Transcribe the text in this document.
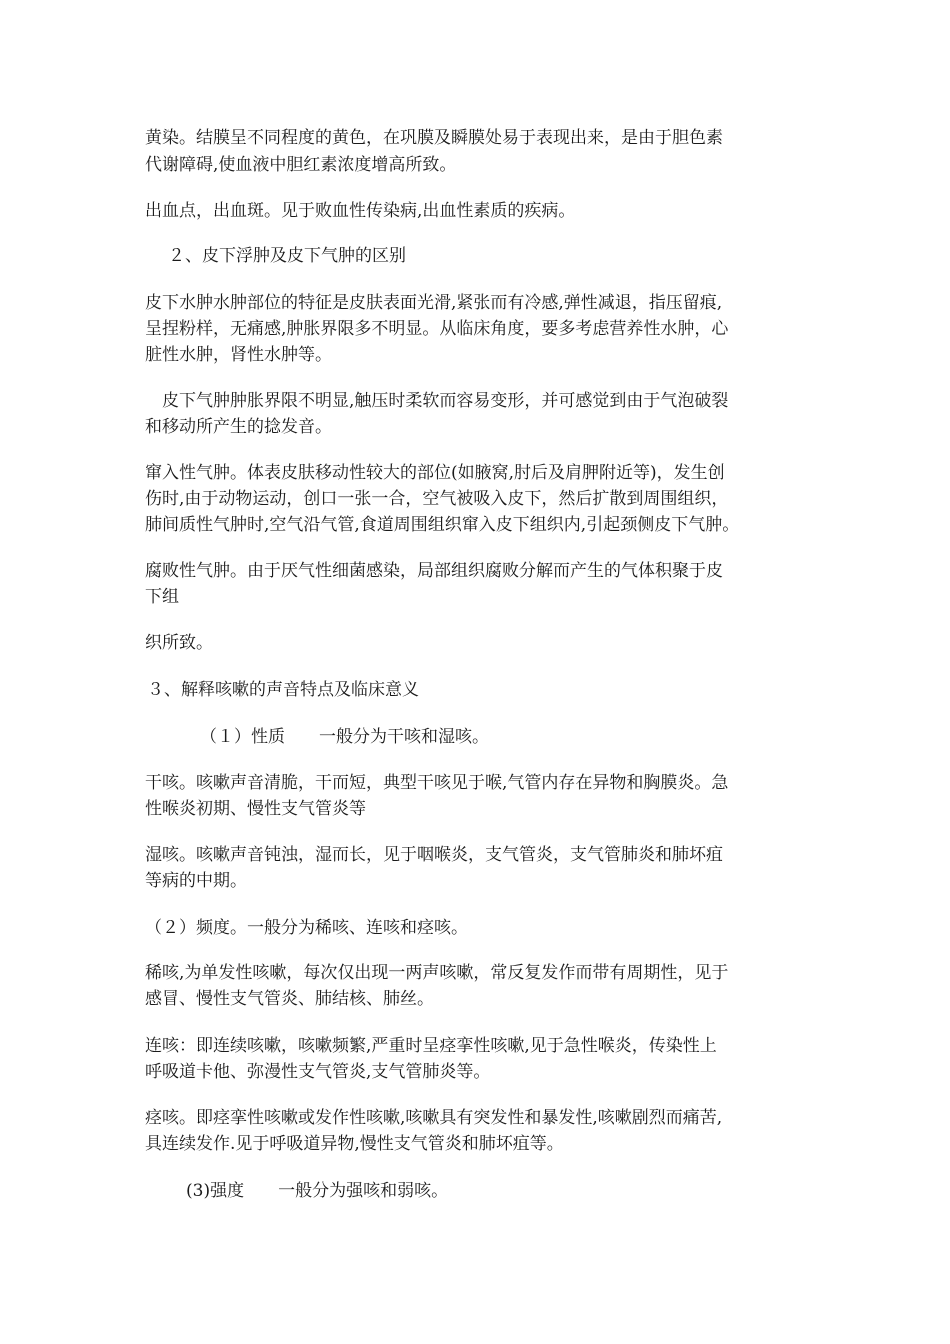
黄染。结膜呈不同程度的黄色，在巩膜及瞬膜处易于表现出来，是由于胆色素
代谢障碍,使血液中胆红素浓度增高所致。
出血点，出血斑。见于败血性传染病,出血性素质的疾病。
２、皮下浮肿及皮下气肿的区别
皮下水肿水肿部位的特征是皮肤表面光滑,紧张而有冷感,弹性减退，指压留痕,
呈捏粉样，无痛感,肿胀界限多不明显。从临床角度，要多考虑营养性水肿，心
脏性水肿，肾性水肿等。
皮下气肿肿胀界限不明显,触压时柔软而容易变形，并可感觉到由于气泡破裂
和移动所产生的捻发音。
窜入性气肿。体表皮肤移动性较大的部位(如腋窝,肘后及肩胛附近等)，发生创
伤时,由于动物运动，创口一张一合，空气被吸入皮下，然后扩散到周围组织，
肺间质性气肿时,空气沿气管,食道周围组织窜入皮下组织内,引起颈侧皮下气肿。
腐败性气肿。由于厌气性细菌感染，局部组织腐败分解而产生的气体积聚于皮
下组
织所致。
３、解释咳嗽的声音特点及临床意义
（１）性质　　一般分为干咳和湿咳。
干咳。咳嗽声音清脆，干而短，典型干咳见于喉,气管内存在异物和胸膜炎。急
性喉炎初期、慢性支气管炎等
湿咳。咳嗽声音钝浊，湿而长，见于咽喉炎，支气管炎，支气管肺炎和肺坏疽
等病的中期。
（２）频度。一般分为稀咳、连咳和痉咳。
稀咳,为单发性咳嗽，每次仅出现一两声咳嗽，常反复发作而带有周期性，见于
感冒、慢性支气管炎、肺结核、肺丝。
连咳：即连续咳嗽，咳嗽频繁,严重时呈痉挛性咳嗽,见于急性喉炎，传染性上
呼吸道卡他、弥漫性支气管炎,支气管肺炎等。
痉咳。即痉挛性咳嗽或发作性咳嗽,咳嗽具有突发性和暴发性,咳嗽剧烈而痛苦,
具连续发作.见于呼吸道异物,慢性支气管炎和肺坏疽等。
(3)强度　　一般分为强咳和弱咳。
